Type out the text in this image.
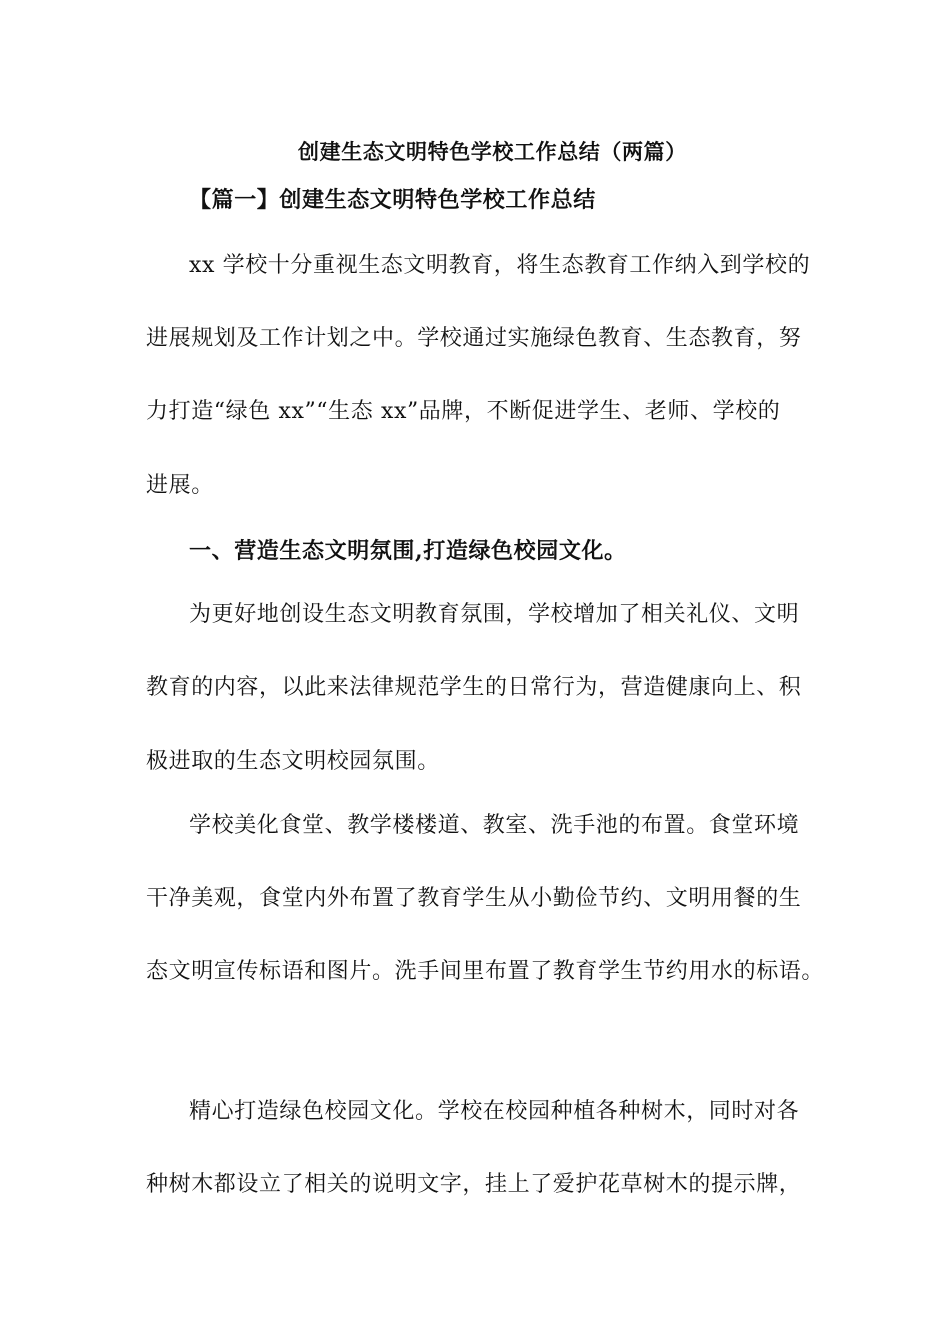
创建生态文明特色学校工作总结（两篇）
【篇一】创建生态文明特色学校工作总结
xx 学校十分重视生态文明教育，将生态教育工作纳入到学校的
进展规划及工作计划之中。学校通过实施绿色教育、生态教育，努
力打造“绿色 xx”“生态 xx”品牌，不断促进学生、老师、学校的
进展。
一、营造生态文明氛围,打造绿色校园文化。
为更好地创设生态文明教育氛围，学校增加了相关礼仪、文明
教育的内容，以此来法律规范学生的日常行为，营造健康向上、积
极进取的生态文明校园氛围。
学校美化食堂、教学楼楼道、教室、洗手池的布置。食堂环境
干净美观，食堂内外布置了教育学生从小勤俭节约、文明用餐的生
态文明宣传标语和图片。洗手间里布置了教育学生节约用水的标语。
精心打造绿色校园文化。学校在校园种植各种树木，同时对各
种树木都设立了相关的说明文字，挂上了爱护花草树木的提示牌，
